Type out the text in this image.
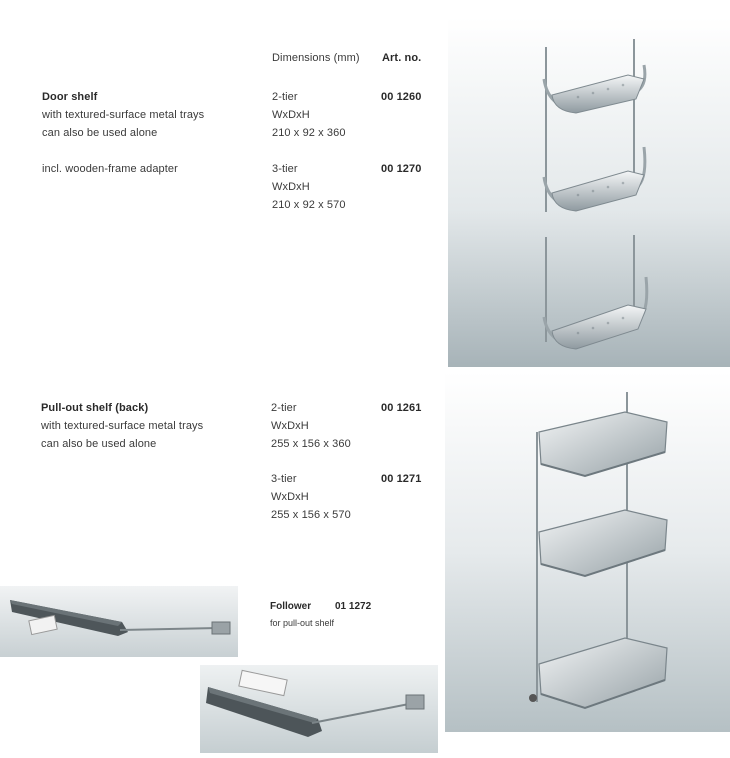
Dimensions (mm) Art. no.
Door shelf
with textured-surface metal trays
can also be used alone
incl. wooden-frame adapter
2-tier
WxDxH
210 x 92 x 360
00 1260
3-tier
WxDxH
210 x 92 x 570
00 1270
Pull-out shelf (back)
with textured-surface metal trays
can also be used alone
2-tier
WxDxH
255 x 156 x 360
00 1261
3-tier
WxDxH
255 x 156 x 570
00 1271
Follower 01 1272
for pull-out shelf
